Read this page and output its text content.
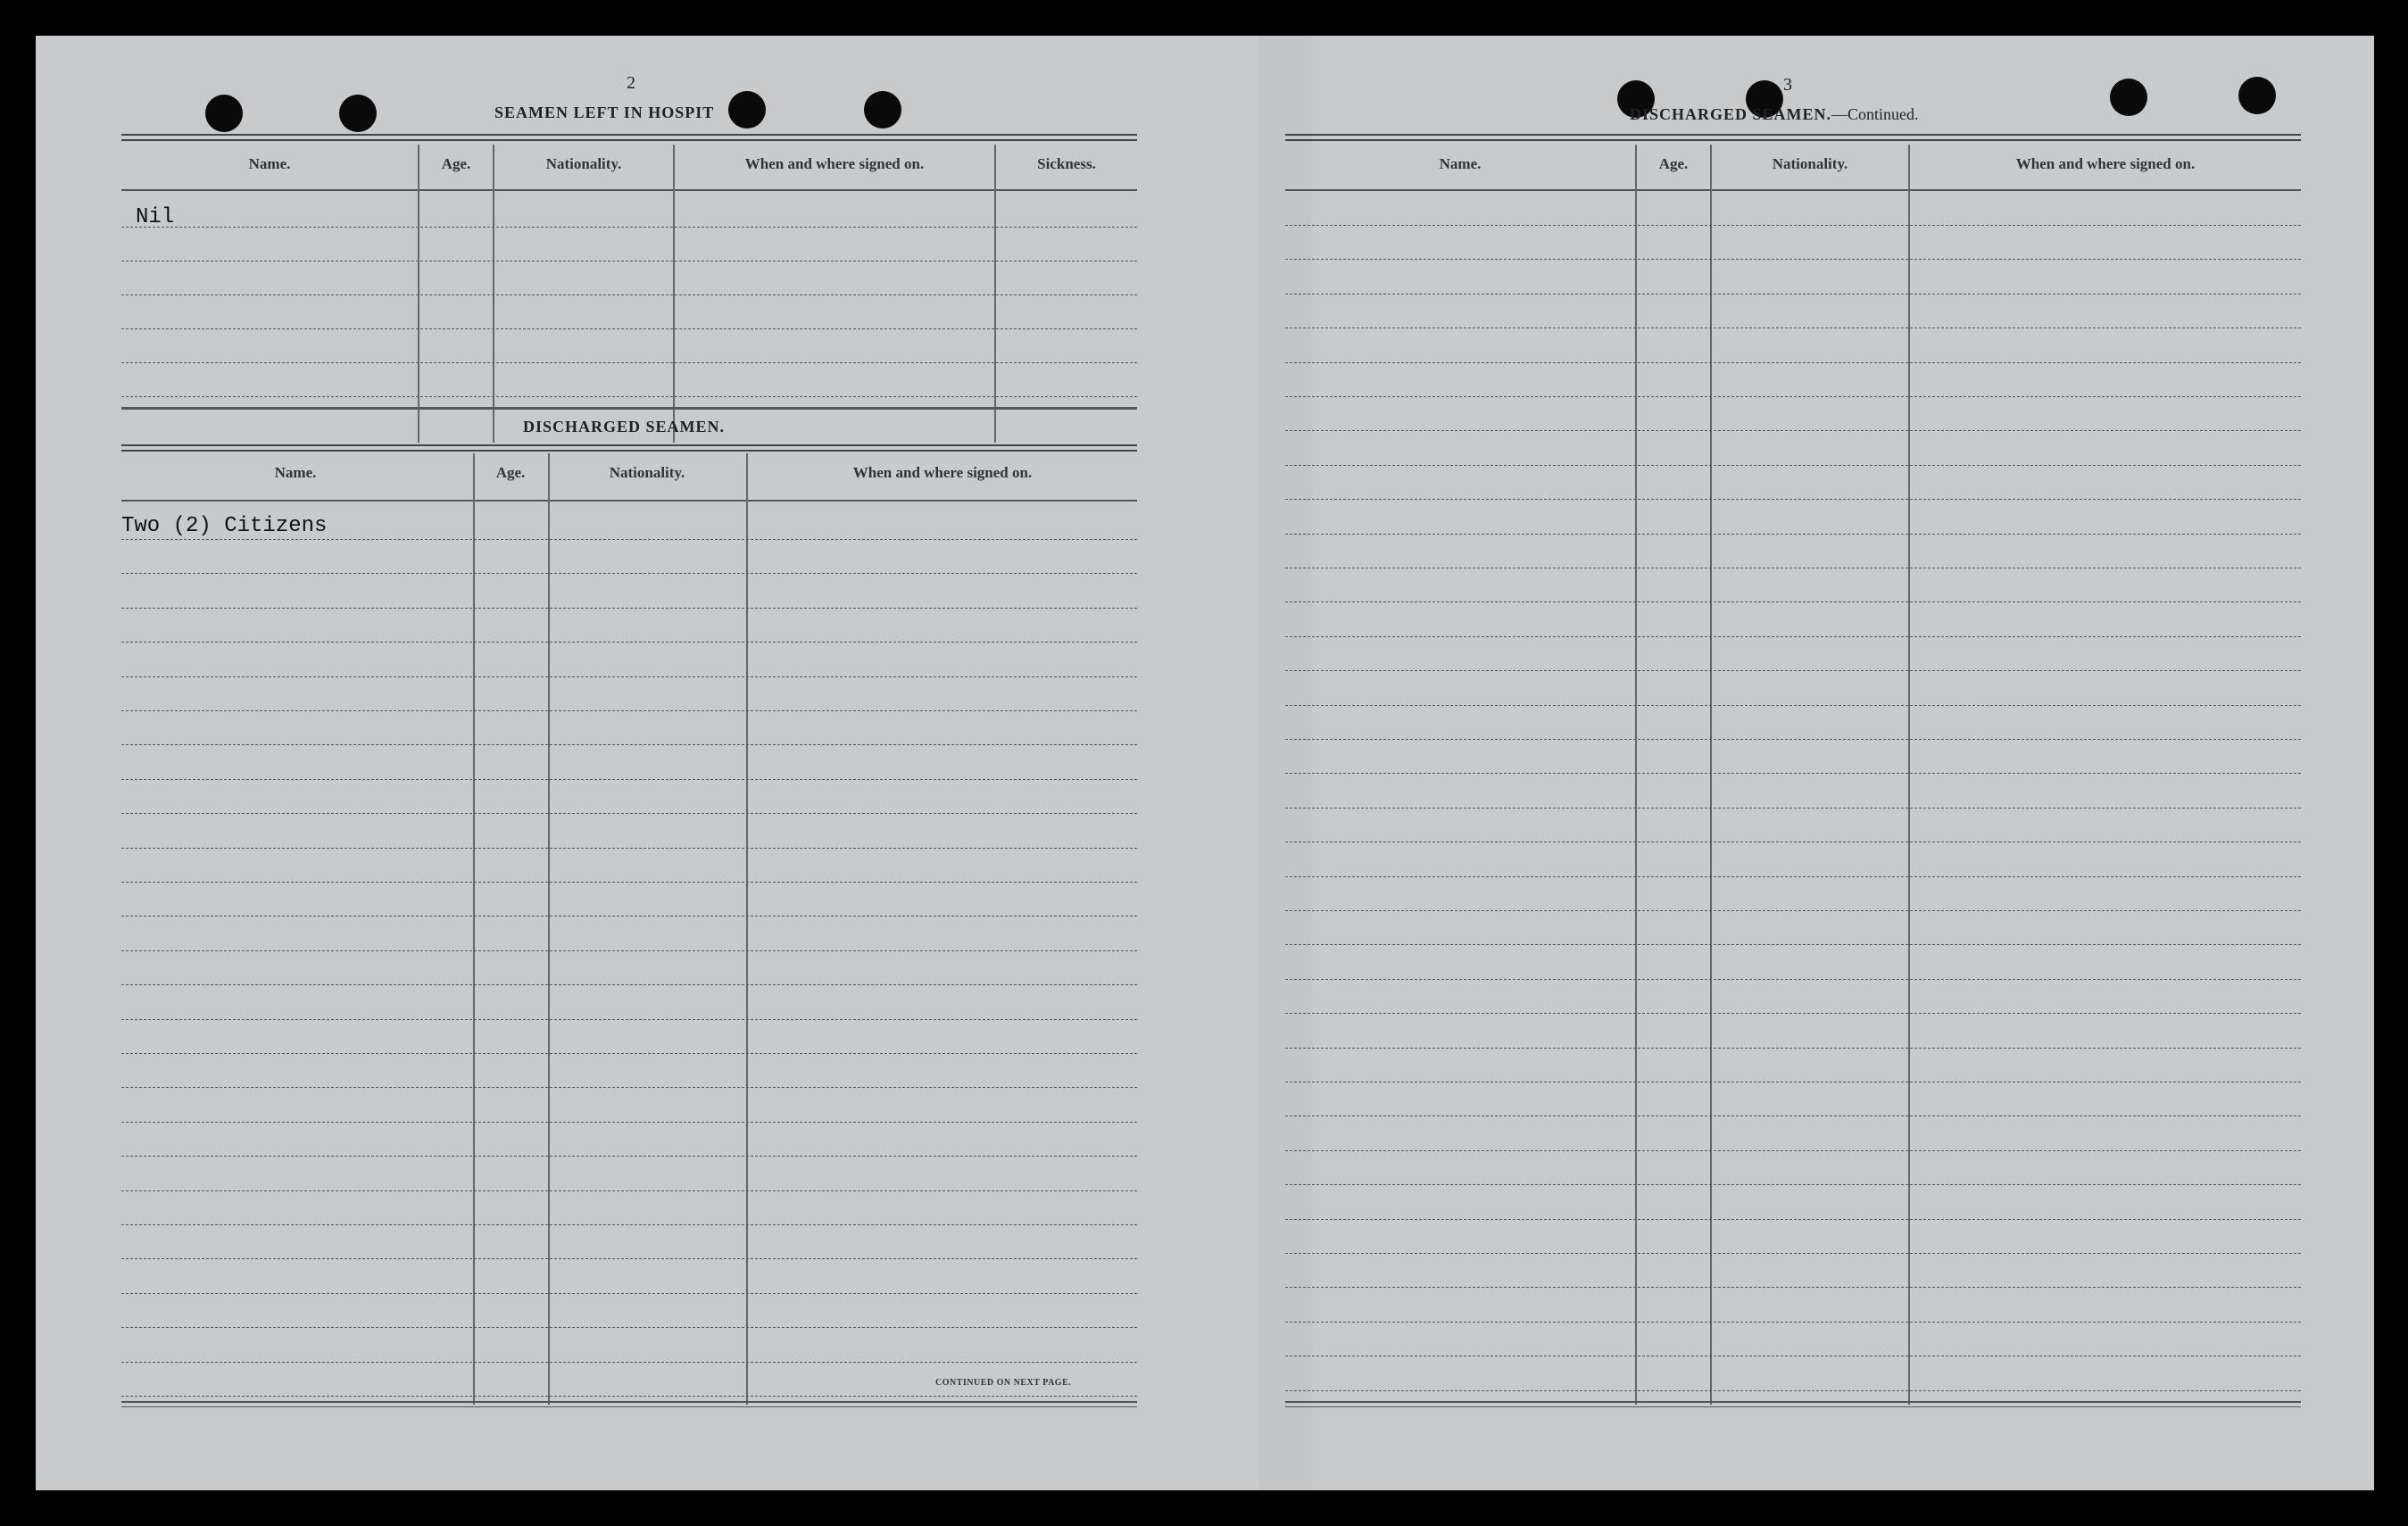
2
SEAMEN LEFT IN HOSPIT
Name.	Age.	Nationality.	When and where signed on.	Sickness.
Nil
DISCHARGED SEAMEN.
Name.	Age.	Nationality.	When and where signed on.
Two (2) Citizens
CONTINUED ON NEXT PAGE.
3
DISCHARGED SEAMEN.—Continued.
Name.	Age.	Nationality.	When and where signed on.
